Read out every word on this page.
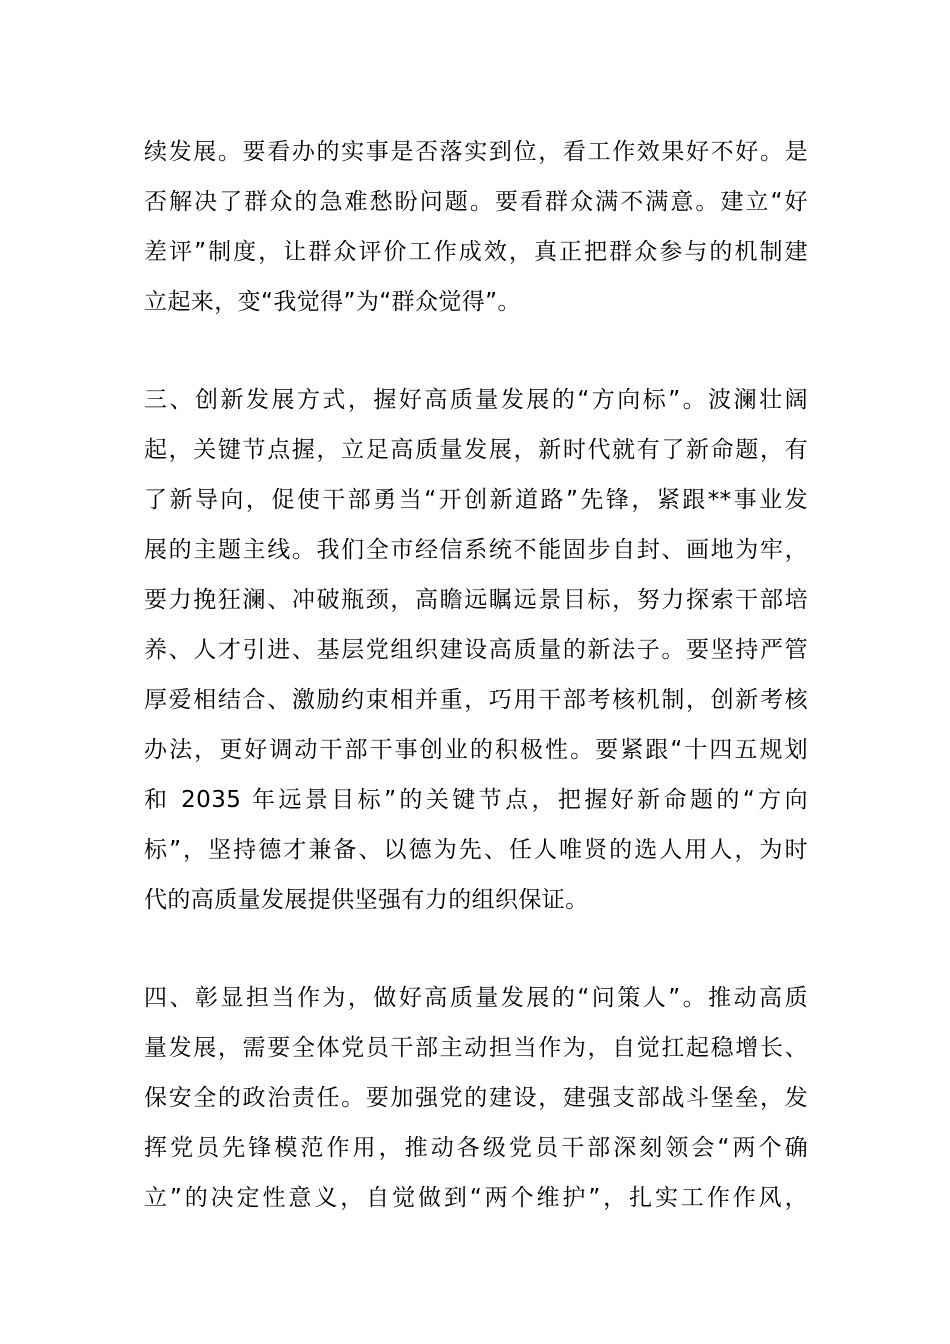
续发展。要看办的实事是否落实到位，看工作效果好不好。是
否解决了群众的急难愁盼问题。要看群众满不满意。建立“好
差评”制度，让群众评价工作成效，真正把群众参与的机制建
立起来，变“我觉得”为“群众觉得”。
三、创新发展方式，握好高质量发展的“方向标”。波澜壮阔
起，关键节点握，立足高质量发展，新时代就有了新命题，有
了新导向，促使干部勇当“开创新道路”先锋，紧跟**事业发
展的主题主线。我们全市经信系统不能固步自封、画地为牢，
要力挽狂澜、冲破瓶颈，高瞻远瞩远景目标，努力探索干部培
养、人才引进、基层党组织建设高质量的新法子。要坚持严管
厚爱相结合、激励约束相并重，巧用干部考核机制，创新考核
办法，更好调动干部干事创业的积极性。要紧跟“十四五规划
和 2035 年远景目标”的关键节点，把握好新命题的“方向
标”，坚持德才兼备、以德为先、任人唯贤的选人用人，为时
代的高质量发展提供坚强有力的组织保证。
四、彰显担当作为，做好高质量发展的“问策人”。推动高质
量发展，需要全体党员干部主动担当作为，自觉扛起稳增长、
保安全的政治责任。要加强党的建设，建强支部战斗堡垒，发
挥党员先锋模范作用，推动各级党员干部深刻领会“两个确
立”的决定性意义，自觉做到“两个维护”，扎实工作作风，
